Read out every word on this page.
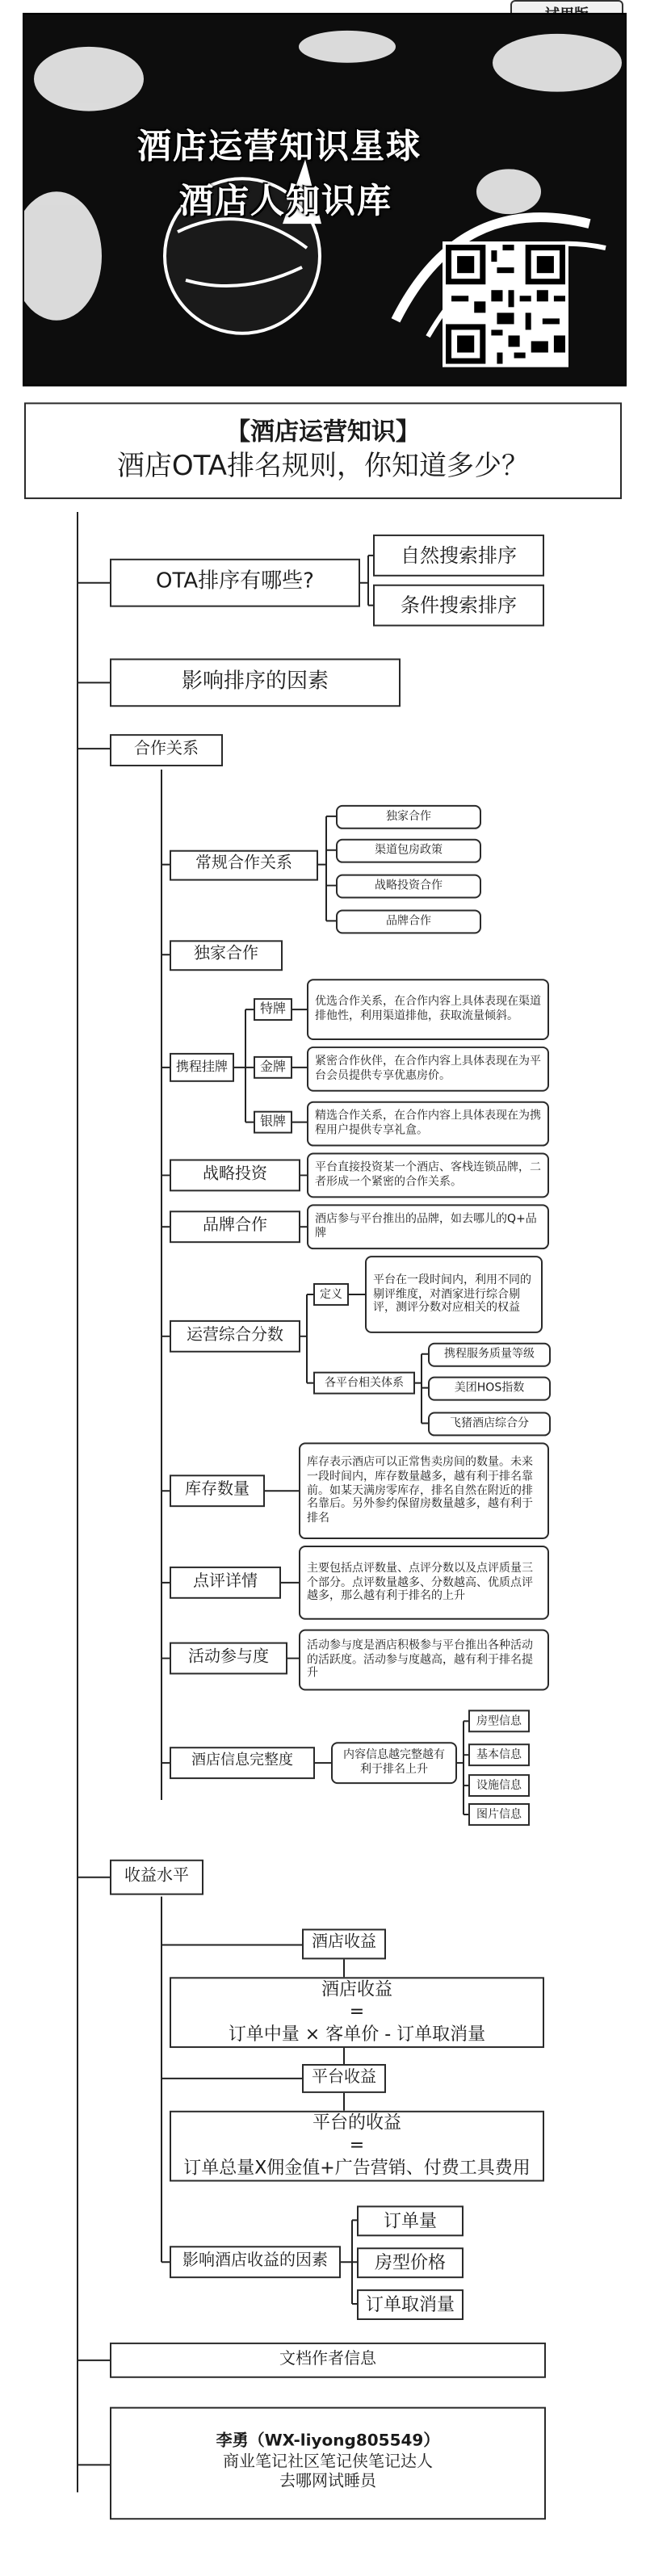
酒店运营知识星球
酒店人知识库
【酒店运营知识】
酒店OTA排名规则，你知道多少？
OTA排序有哪些?
自然搜索排序
条件搜索排序
影响排序的因素
合作关系
常规合作关系
独家合作
渠道包房政策
战略投资合作
品牌合作
独家合作
携程挂牌
特牌
金牌
银牌
优选合作关系，在合作内容上具体表现在渠道排他性，利用渠道排他，获取流量倾斜。
紧密合作伙伴，在合作内容上具体表现在为平台会员提供专享优惠房价。
精选合作关系，在合作内容上具体表现在为携程用户提供专享礼盒。
战略投资	平台直接投资某一个酒店、客栈连锁品牌，二者形成一个紧密的合作关系。
品牌合作	酒店参与平台推出的品牌，如去哪儿的Q+品牌
运营综合分数
定义
平台在一段时间内，利用不同的剔评维度，对酒家进行综合剔评，测评分数对应相关的权益
各平台相关体系
携程服务质量等级
美团HOS指数
飞猪酒店综合分
库存数量
库存表示酒店可以正常售卖房间的数量。未来一段时间内，库存数量越多，越有利于排名靠前。如某天满房零库存，排名自然在附近的排名靠后。另外参约保留房数量越多，越有利于排名
点评详情
主要包括点评数量、点评分数以及点评质量三个部分。点评数量越多、分数越高、优质点评越多，那么越有利于排名的上升
活动参与度
活动参与度是酒店积极参与平台推出各种活动的活跃度。活动参与度越高，越有利于排名提升
酒店信息完整度	内容信息越完整越有利于排名上升
房型信息
基本信息
设施信息
图片信息
收益水平
酒店收益
酒店收益
=
订单中量 × 客单价 - 订单取消量
平台收益
平台的收益
=
订单总量X佣金值+广告营销、付费工具费用
影响酒店收益的因素
订单量
房型价格
订单取消量
文档作者信息
李勇（WX-liyong805549）
商业笔记社区笔记侠笔记达人
去哪网试睡员
